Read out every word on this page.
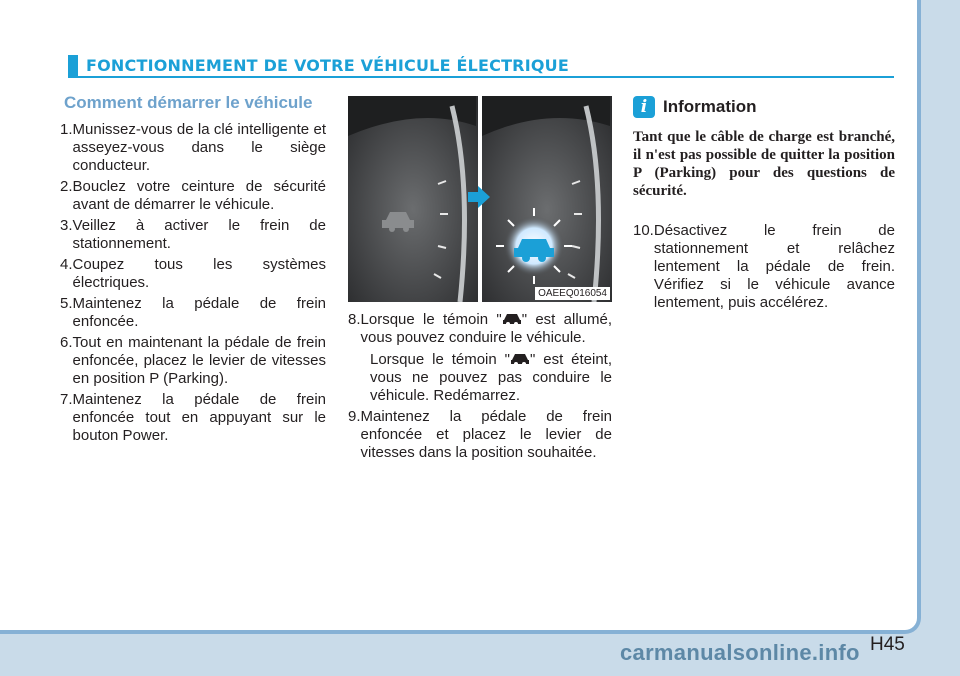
FONCTIONNEMENT DE VOTRE VÉHICULE ÉLECTRIQUE
Comment démarrer le véhicule
1. Munissez-vous de la clé intelligente et asseyez-vous dans le siège conducteur.
2. Bouclez votre ceinture de sécurité avant de démarrer le véhicule.
3. Veillez à activer le frein de stationnement.
4. Coupez tous les systèmes électriques.
5. Maintenez la pédale de frein enfoncée.
6. Tout en maintenant la pédale de frein enfoncée, placez le levier de vitesses en position P (Parking).
7. Maintenez la pédale de frein enfoncée tout en appuyant sur le bouton Power.
OAEEQ016054
8. Lorsque le témoin " " est allumé, vous pouvez conduire le véhicule.
Lorsque le témoin " " est éteint, vous ne pouvez pas conduire le véhicule. Redémarrez.
9. Maintenez la pédale de frein enfoncée et placez le levier de vitesses dans la position souhaitée.
i Information
Tant que le câble de charge est branché, il n'est pas possible de quitter la position P (Parking) pour des questions de sécurité.
10. Désactivez le frein de stationnement et relâchez lentement la pédale de frein. Vérifiez si le véhicule avance lentement, puis accélérez.
H45
carmanualsonline.info
